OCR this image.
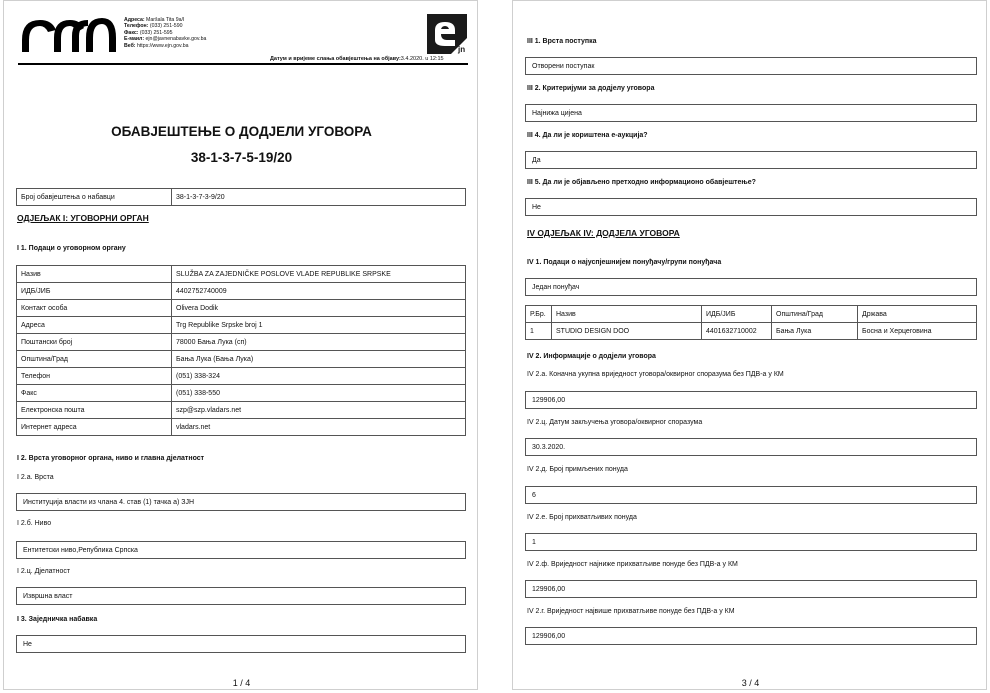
Адреса: Maršala Tita 9a/I
Телефон: (033) 251-590
Факс: (033) 251-595
Е-маил: ejn@javnenabavke.gov.ba
Веб: https://www.ejn.gov.ba	jn
Датум и вријеме слања обавјештења на објаву:3.4.2020. u 12:15
ОБАВЈЕШТЕЊЕ О ДОДЈЕЛИ УГОВОРА
38-1-3-7-5-19/20
Број обавјештења о набавци	38-1-3-7-3-9/20
ОДЈЕЉАК I: УГОВОРНИ ОРГАН
I 1. Подаци о уговорном органу
Назив	SLUŽBA ZA ZAJEDNIČKE POSLOVE VLADE REPUBLIKE SRPSKE
ИДБ/ЈИБ	4402752740009
Контакт особа	Olivera Dodik
Адреса	Trg Republike Srpske broj 1
Поштански број	78000 Бања Лука (сп)
Општина/Град	Бања Лука (Бања Лука)
Телефон	(051) 338-324
Факс	(051) 338-550
Електронска пошта	szp@szp.vladars.net
Интернет адреса	vladars.net
I 2. Врста уговорног органа, ниво и главна дјелатност
I 2.а. Врста
Институција власти из члана 4. став (1) тачка а) ЗЈН
I 2.б. Ниво
Ентитетски ниво,Република Српска
I 2.ц. Дјелатност
Извршна власт
I 3. Заједничка набавка
Не
1 / 4
III 1. Врста поступка
Отворени поступак
III 2. Критеријуми за додјелу уговора
Најнижа цијена
III 4. Да ли је кориштена е-аукција?
Да
III 5. Да ли је објављено претходно информационо обавјештење?
Не
IV ОДЈЕЉАК IV: ДОДЈЕЛА УГОВОРА
IV 1. Подаци о најуспјешнијем понуђачу/групи понуђача
Један понуђач
Р.Бр.	Назив	ИДБ/ЈИБ	Општина/Град	Држава
1	STUDIO DESIGN DOO	4401632710002	Бања Лука	Босна и Херцеговина
IV 2. Информације о додјели уговора
IV 2.а. Коначна укупна вриједност уговора/оквирног споразума без ПДВ-а у КМ
129906,00
IV 2.ц. Датум закључења уговора/оквирног споразума
30.3.2020.
IV 2.д. Број примљених понуда
6
IV 2.е. Број прихватљивих понуда
1
IV 2.ф. Вриједност најниже прихватљиве понуде без ПДВ-а у КМ
129906,00
IV 2.г. Вриједност највише прихватљиве понуде без ПДВ-а у КМ
129906,00
3 / 4
